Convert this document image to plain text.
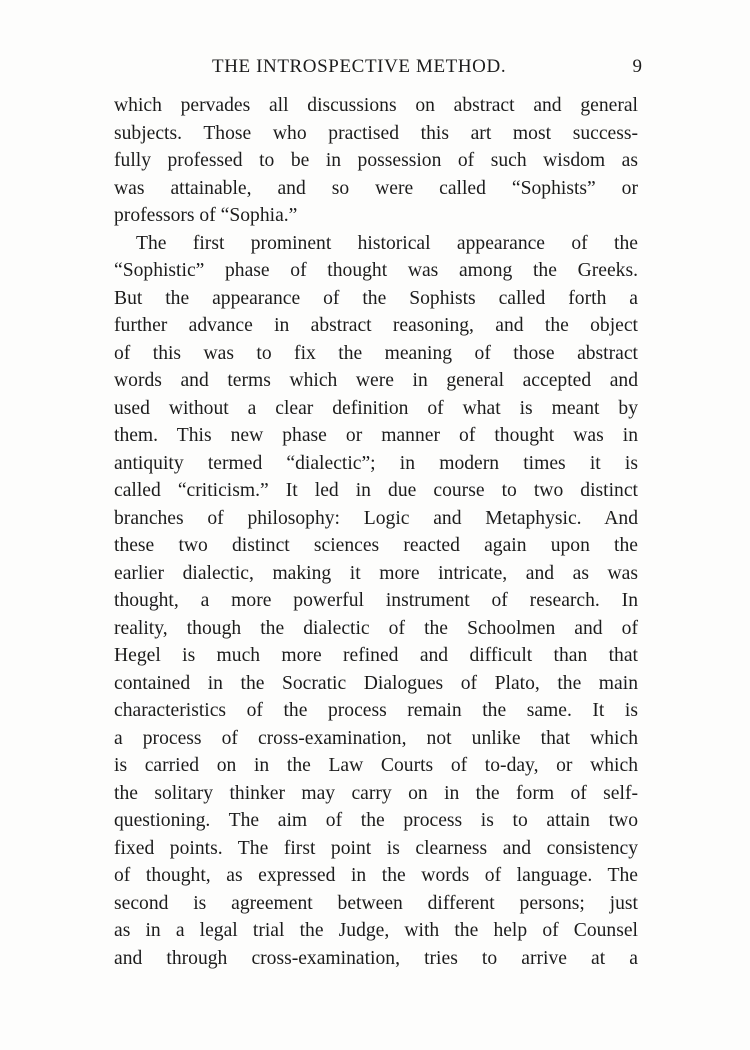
THE INTROSPECTIVE METHOD.	9
which pervades all discussions on abstract and general
subjects. Those who practised this art most success-
fully professed to be in possession of such wisdom as
was attainable, and so were called “Sophists” or
professors of “Sophia.”
The first prominent historical appearance of the
“Sophistic” phase of thought was among the Greeks.
But the appearance of the Sophists called forth a
further advance in abstract reasoning, and the object
of this was to fix the meaning of those abstract
words and terms which were in general accepted and
used without a clear definition of what is meant by
them. This new phase or manner of thought was in
antiquity termed “dialectic”; in modern times it is
called “criticism.” It led in due course to two distinct
branches of philosophy: Logic and Metaphysic. And
these two distinct sciences reacted again upon the
earlier dialectic, making it more intricate, and as was
thought, a more powerful instrument of research. In
reality, though the dialectic of the Schoolmen and of
Hegel is much more refined and difficult than that
contained in the Socratic Dialogues of Plato, the main
characteristics of the process remain the same. It is
a process of cross-examination, not unlike that which
is carried on in the Law Courts of to-day, or which
the solitary thinker may carry on in the form of self-
questioning. The aim of the process is to attain two
fixed points. The first point is clearness and consistency
of thought, as expressed in the words of language. The
second is agreement between different persons; just
as in a legal trial the Judge, with the help of Counsel
and through cross-examination, tries to arrive at a
